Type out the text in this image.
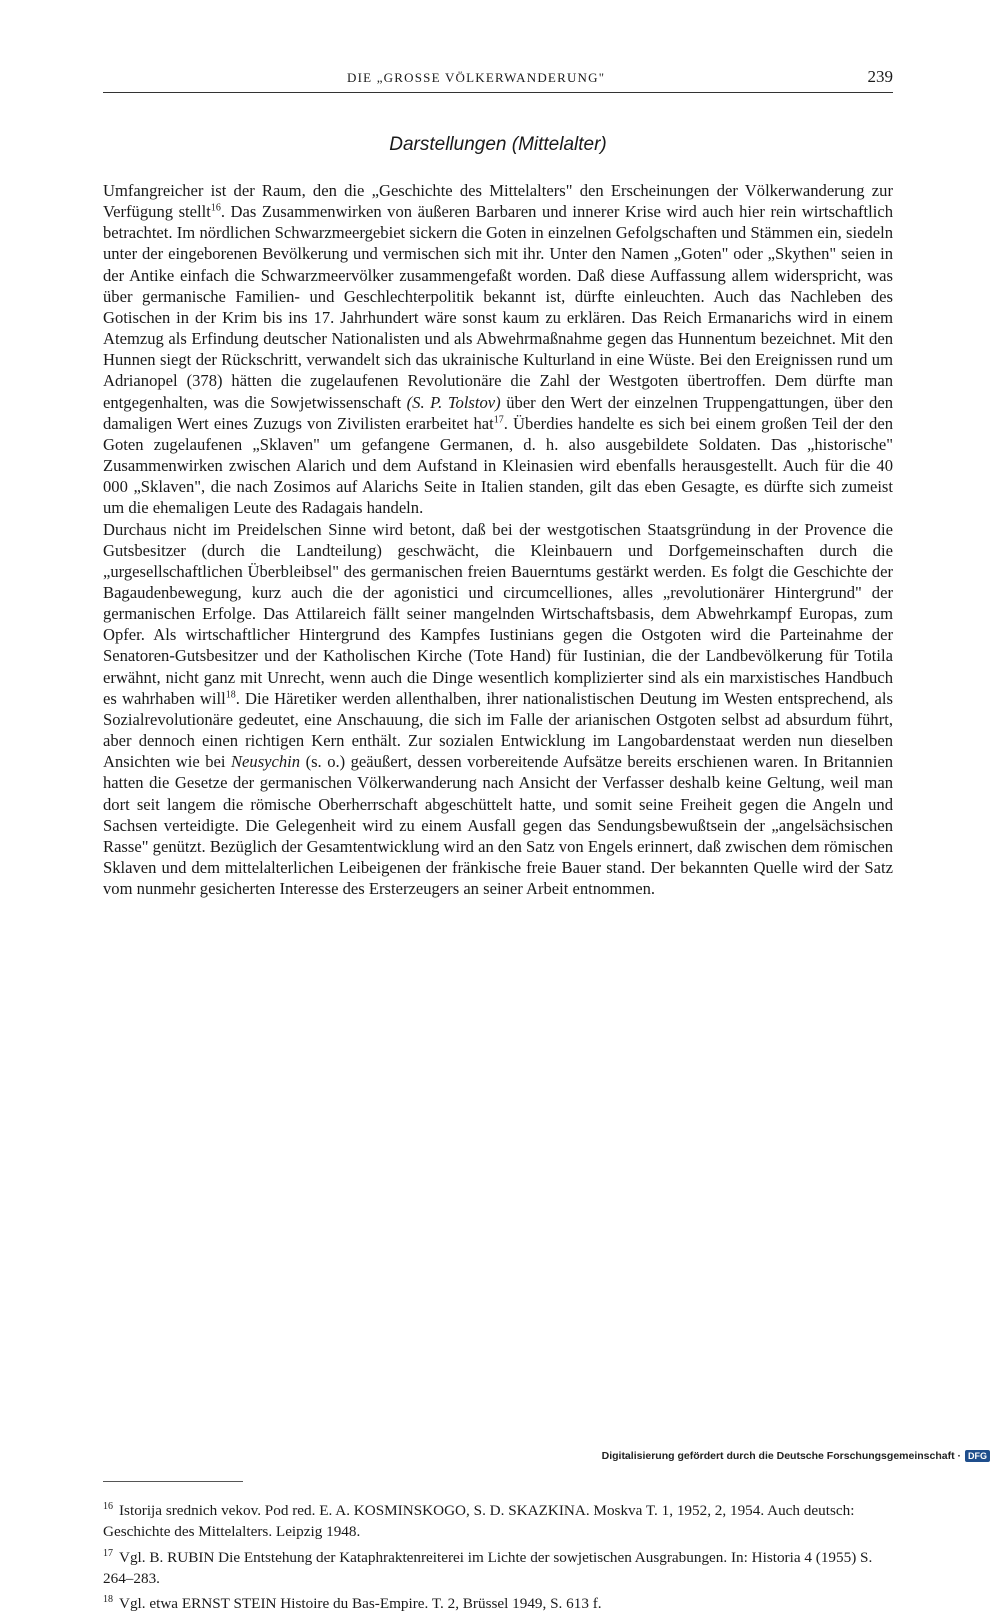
DIE „GROSSE VÖLKERWANDERUNG"	239
Darstellungen (Mittelalter)

Umfangreicher ist der Raum, den die „Geschichte des Mittelalters" den Erscheinungen der Völkerwanderung zur Verfügung stellt$^{16}$. Das Zusammenwirken von äußeren Barbaren und innerer Krise wird auch hier rein wirtschaftlich betrachtet. Im nördlichen Schwarzmeergebiet sickern die Goten in einzelnen Gefolgschaften und Stämmen ein, siedeln unter der eingeborenen Bevölkerung und vermischen sich mit ihr. Unter den Namen „Goten" oder „Skythen" seien in der Antike einfach die Schwarzmeervölker zusammengefaßt worden. Daß diese Auffassung allem widerspricht, was über germanische Familien- und Geschlechterpolitik bekannt ist, dürfte einleuchten. Auch das Nachleben des Gotischen in der Krim bis ins 17. Jahrhundert wäre sonst kaum zu erklären. Das Reich Ermanarichs wird in einem Atemzug als Erfindung deutscher Nationalisten und als Abwehrmaßnahme gegen das Hunnentum bezeichnet. Mit den Hunnen siegt der Rückschritt, verwandelt sich das ukrainische Kulturland in eine Wüste. Bei den Ereignissen rund um Adrianopel (378) hätten die zugelaufenen Revolutionäre die Zahl der Westgoten übertroffen. Dem dürfte man entgegenhalten, was die Sowjetwissenschaft (S. P. Tolstov) über den Wert der einzelnen Truppengattungen, über den damaligen Wert eines Zuzugs von Zivilisten erarbeitet hat$^{17}$. Überdies handelte es sich bei einem großen Teil der den Goten zugelaufenen „Sklaven" um gefangene Germanen, d. h. also ausgebildete Soldaten. Das „historische" Zusammenwirken zwischen Alarich und dem Aufstand in Kleinasien wird ebenfalls herausgestellt. Auch für die 40 000 „Sklaven", die nach Zosimos auf Alarichs Seite in Italien standen, gilt das eben Gesagte, es dürfte sich zumeist um die ehemaligen Leute des Radagais handeln.

Durchaus nicht im Preidelschen Sinne wird betont, daß bei der westgotischen Staatsgründung in der Provence die Gutsbesitzer (durch die Landteilung) geschwächt, die Kleinbauern und Dorfgemeinschaften durch die „urgesellschaftlichen Überbleibsel" des germanischen freien Bauerntums gestärkt werden. Es folgt die Geschichte der Bagaudenbewegung, kurz auch die der agonistici und circumcelliones, alles „revolutionärer Hintergrund" der germanischen Erfolge. Das Attilareich fällt seiner mangelnden Wirtschaftsbasis, dem Abwehrkampf Europas, zum Opfer. Als wirtschaftlicher Hintergrund des Kampfes Iustinians gegen die Ostgoten wird die Parteinahme der Senatoren-Gutsbesitzer und der Katholischen Kirche (Tote Hand) für Iustinian, die der Landbevölkerung für Totila erwähnt, nicht ganz mit Unrecht, wenn auch die Dinge wesentlich komplizierter sind als ein marxistisches Handbuch es wahrhaben will$^{18}$. Die Häretiker werden allenthalben, ihrer nationalistischen Deutung im Westen entsprechend, als Sozialrevolutionäre gedeutet, eine Anschauung, die sich im Falle der arianischen Ostgoten selbst ad absurdum führt, aber dennoch einen richtigen Kern enthält. Zur sozialen Entwicklung im Langobardenstaat werden nun dieselben Ansichten wie bei Neusychin (s. o.) geäußert, dessen vorbereitende Aufsätze bereits erschienen waren. In Britannien hatten die Gesetze der germanischen Völkerwanderung nach Ansicht der Verfasser deshalb keine Geltung, weil man dort seit langem die römische Oberherrschaft abgeschüttelt hatte, und somit seine Freiheit gegen die Angeln und Sachsen verteidigte. Die Gelegenheit wird zu einem Ausfall gegen das Sendungsbewußtsein der „angelsächsischen Rasse" genützt. Bezüglich der Gesamtentwicklung wird an den Satz von Engels erinnert, daß zwischen dem römischen Sklaven und dem mittelalterlichen Leibeigenen der fränkische freie Bauer stand. Der bekannten Quelle wird der Satz vom nunmehr gesicherten Interesse des Ersterzeugers an seiner Arbeit entnommen.

$^{16}$ Istorija srednich vekov. Pod red. E. A. KOSMINSKOGO, S. D. SKAZKINA. Moskva T. 1, 1952, 2, 1954. Auch deutsch: Geschichte des Mittelalters. Leipzig 1948.

$^{17}$ Vgl. B. RUBIN Die Entstehung der Kataphraktenreiterei im Lichte der sowjetischen Ausgrabungen. In: Historia 4 (1955) S. 264–283.

$^{18}$ Vgl. etwa ERNST STEIN Histoire du Bas-Empire. T. 2, Brüssel 1949, S. 613 f.

Digitalisierung gefördert durch die Deutsche Forschungsgemeinschaft · DFG
